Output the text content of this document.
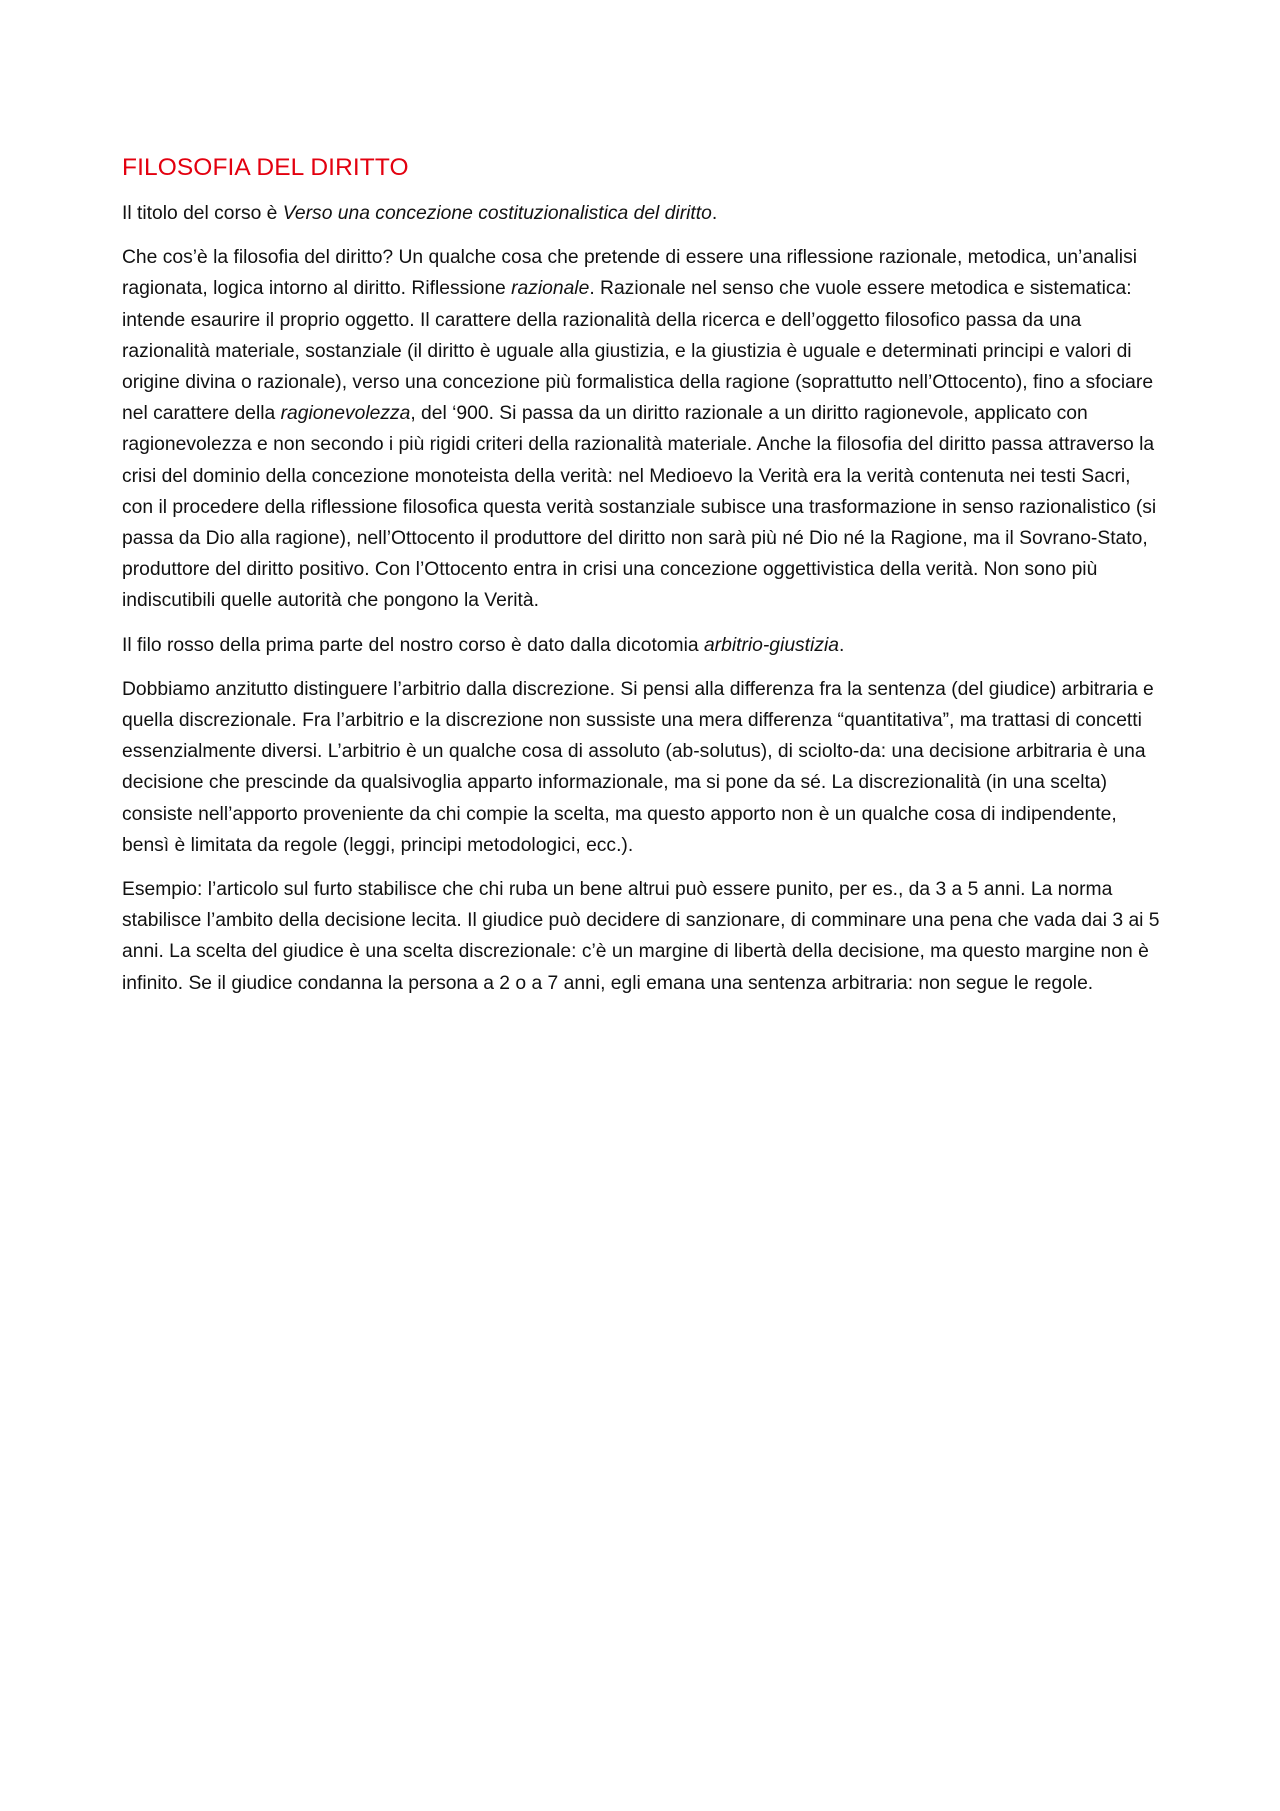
FILOSOFIA DEL DIRITTO

Il titolo del corso è Verso una concezione costituzionalistica del diritto.

Che cos’è la filosofia del diritto? Un qualche cosa che pretende di essere una riflessione razionale, metodica, un’analisi ragionata, logica intorno al diritto. Riflessione razionale. Razionale nel senso che vuole essere metodica e sistematica: intende esaurire il proprio oggetto. Il carattere della razionalità della ricerca e dell’oggetto filosofico passa da una razionalità materiale, sostanziale (il diritto è uguale alla giustizia, e la giustizia è uguale e determinati principi e valori di origine divina o razionale), verso una concezione più formalistica della ragione (soprattutto nell’Ottocento), fino a sfociare nel carattere della ragionevolezza, del ‘900. Si passa da un diritto razionale a un diritto ragionevole, applicato con ragionevolezza e non secondo i più rigidi criteri della razionalità materiale. Anche la filosofia del diritto passa attraverso la crisi del dominio della concezione monoteista della verità: nel Medioevo la Verità era la verità contenuta nei testi Sacri, con il procedere della riflessione filosofica questa verità sostanziale subisce una trasformazione in senso razionalistico (si passa da Dio alla ragione), nell’Ottocento il produttore del diritto non sarà più né Dio né la Ragione, ma il Sovrano-Stato, produttore del diritto positivo. Con l’Ottocento entra in crisi una concezione oggettivistica della verità. Non sono più indiscutibili quelle autorità che pongono la Verità.

Il filo rosso della prima parte del nostro corso è dato dalla dicotomia arbitrio-giustizia.

Dobbiamo anzitutto distinguere l’arbitrio dalla discrezione. Si pensi alla differenza fra la sentenza (del giudice) arbitraria e quella discrezionale. Fra l’arbitrio e la discrezione non sussiste una mera differenza “quantitativa”, ma trattasi di concetti essenzialmente diversi. L’arbitrio è un qualche cosa di assoluto (ab-solutus), di sciolto-da: una decisione arbitraria è una decisione che prescinde da qualsivoglia apparto informazionale, ma si pone da sé. La discrezionalità (in una scelta) consiste nell’apporto proveniente da chi compie la scelta, ma questo apporto non è un qualche cosa di indipendente, bensì è limitata da regole (leggi, principi metodologici, ecc.).

Esempio: l’articolo sul furto stabilisce che chi ruba un bene altrui può essere punito, per es., da 3 a 5 anni. La norma stabilisce l’ambito della decisione lecita. Il giudice può decidere di sanzionare, di comminare una pena che vada dai 3 ai 5 anni. La scelta del giudice è una scelta discrezionale: c’è un margine di libertà della decisione, ma questo margine non è infinito. Se il giudice condanna la persona a 2 o a 7 anni, egli emana una sentenza arbitraria: non segue le regole.
